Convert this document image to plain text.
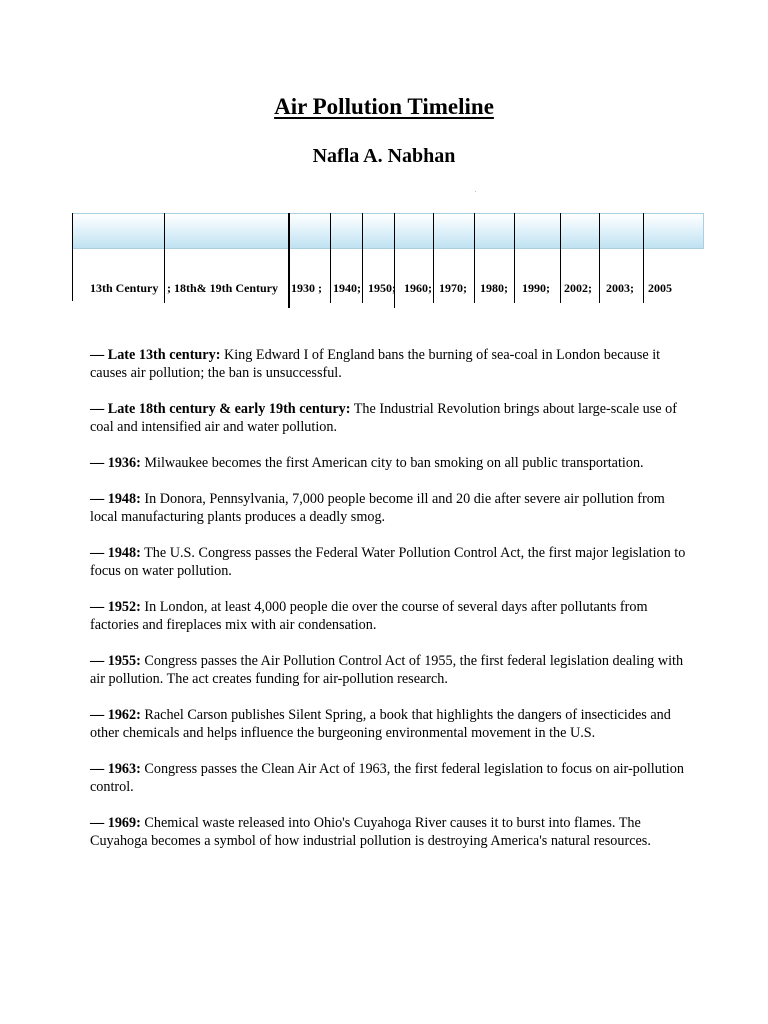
Air Pollution Timeline
Nafla A. Nabhan
.
13th Century ; 18th& 19th Century 1930 ; 1940; 1950; 1960; 1970; 1980; 1990; 2002; 2003; 2005

— Late 13th century: King Edward I of England bans the burning of sea-coal in London because it causes air pollution; the ban is unsuccessful.

— Late 18th century & early 19th century: The Industrial Revolution brings about large-scale use of coal and intensified air and water pollution.

— 1936: Milwaukee becomes the first American city to ban smoking on all public transportation.

— 1948: In Donora, Pennsylvania, 7,000 people become ill and 20 die after severe air pollution from local manufacturing plants produces a deadly smog.

— 1948: The U.S. Congress passes the Federal Water Pollution Control Act, the first major legislation to focus on water pollution.

— 1952: In London, at least 4,000 people die over the course of several days after pollutants from factories and fireplaces mix with air condensation.

— 1955: Congress passes the Air Pollution Control Act of 1955, the first federal legislation dealing with air pollution. The act creates funding for air-pollution research.

— 1962: Rachel Carson publishes Silent Spring, a book that highlights the dangers of insecticides and other chemicals and helps influence the burgeoning environmental movement in the U.S.

— 1963: Congress passes the Clean Air Act of 1963, the first federal legislation to focus on air-pollution control.

— 1969: Chemical waste released into Ohio's Cuyahoga River causes it to burst into flames. The Cuyahoga becomes a symbol of how industrial pollution is destroying America's natural resources.
